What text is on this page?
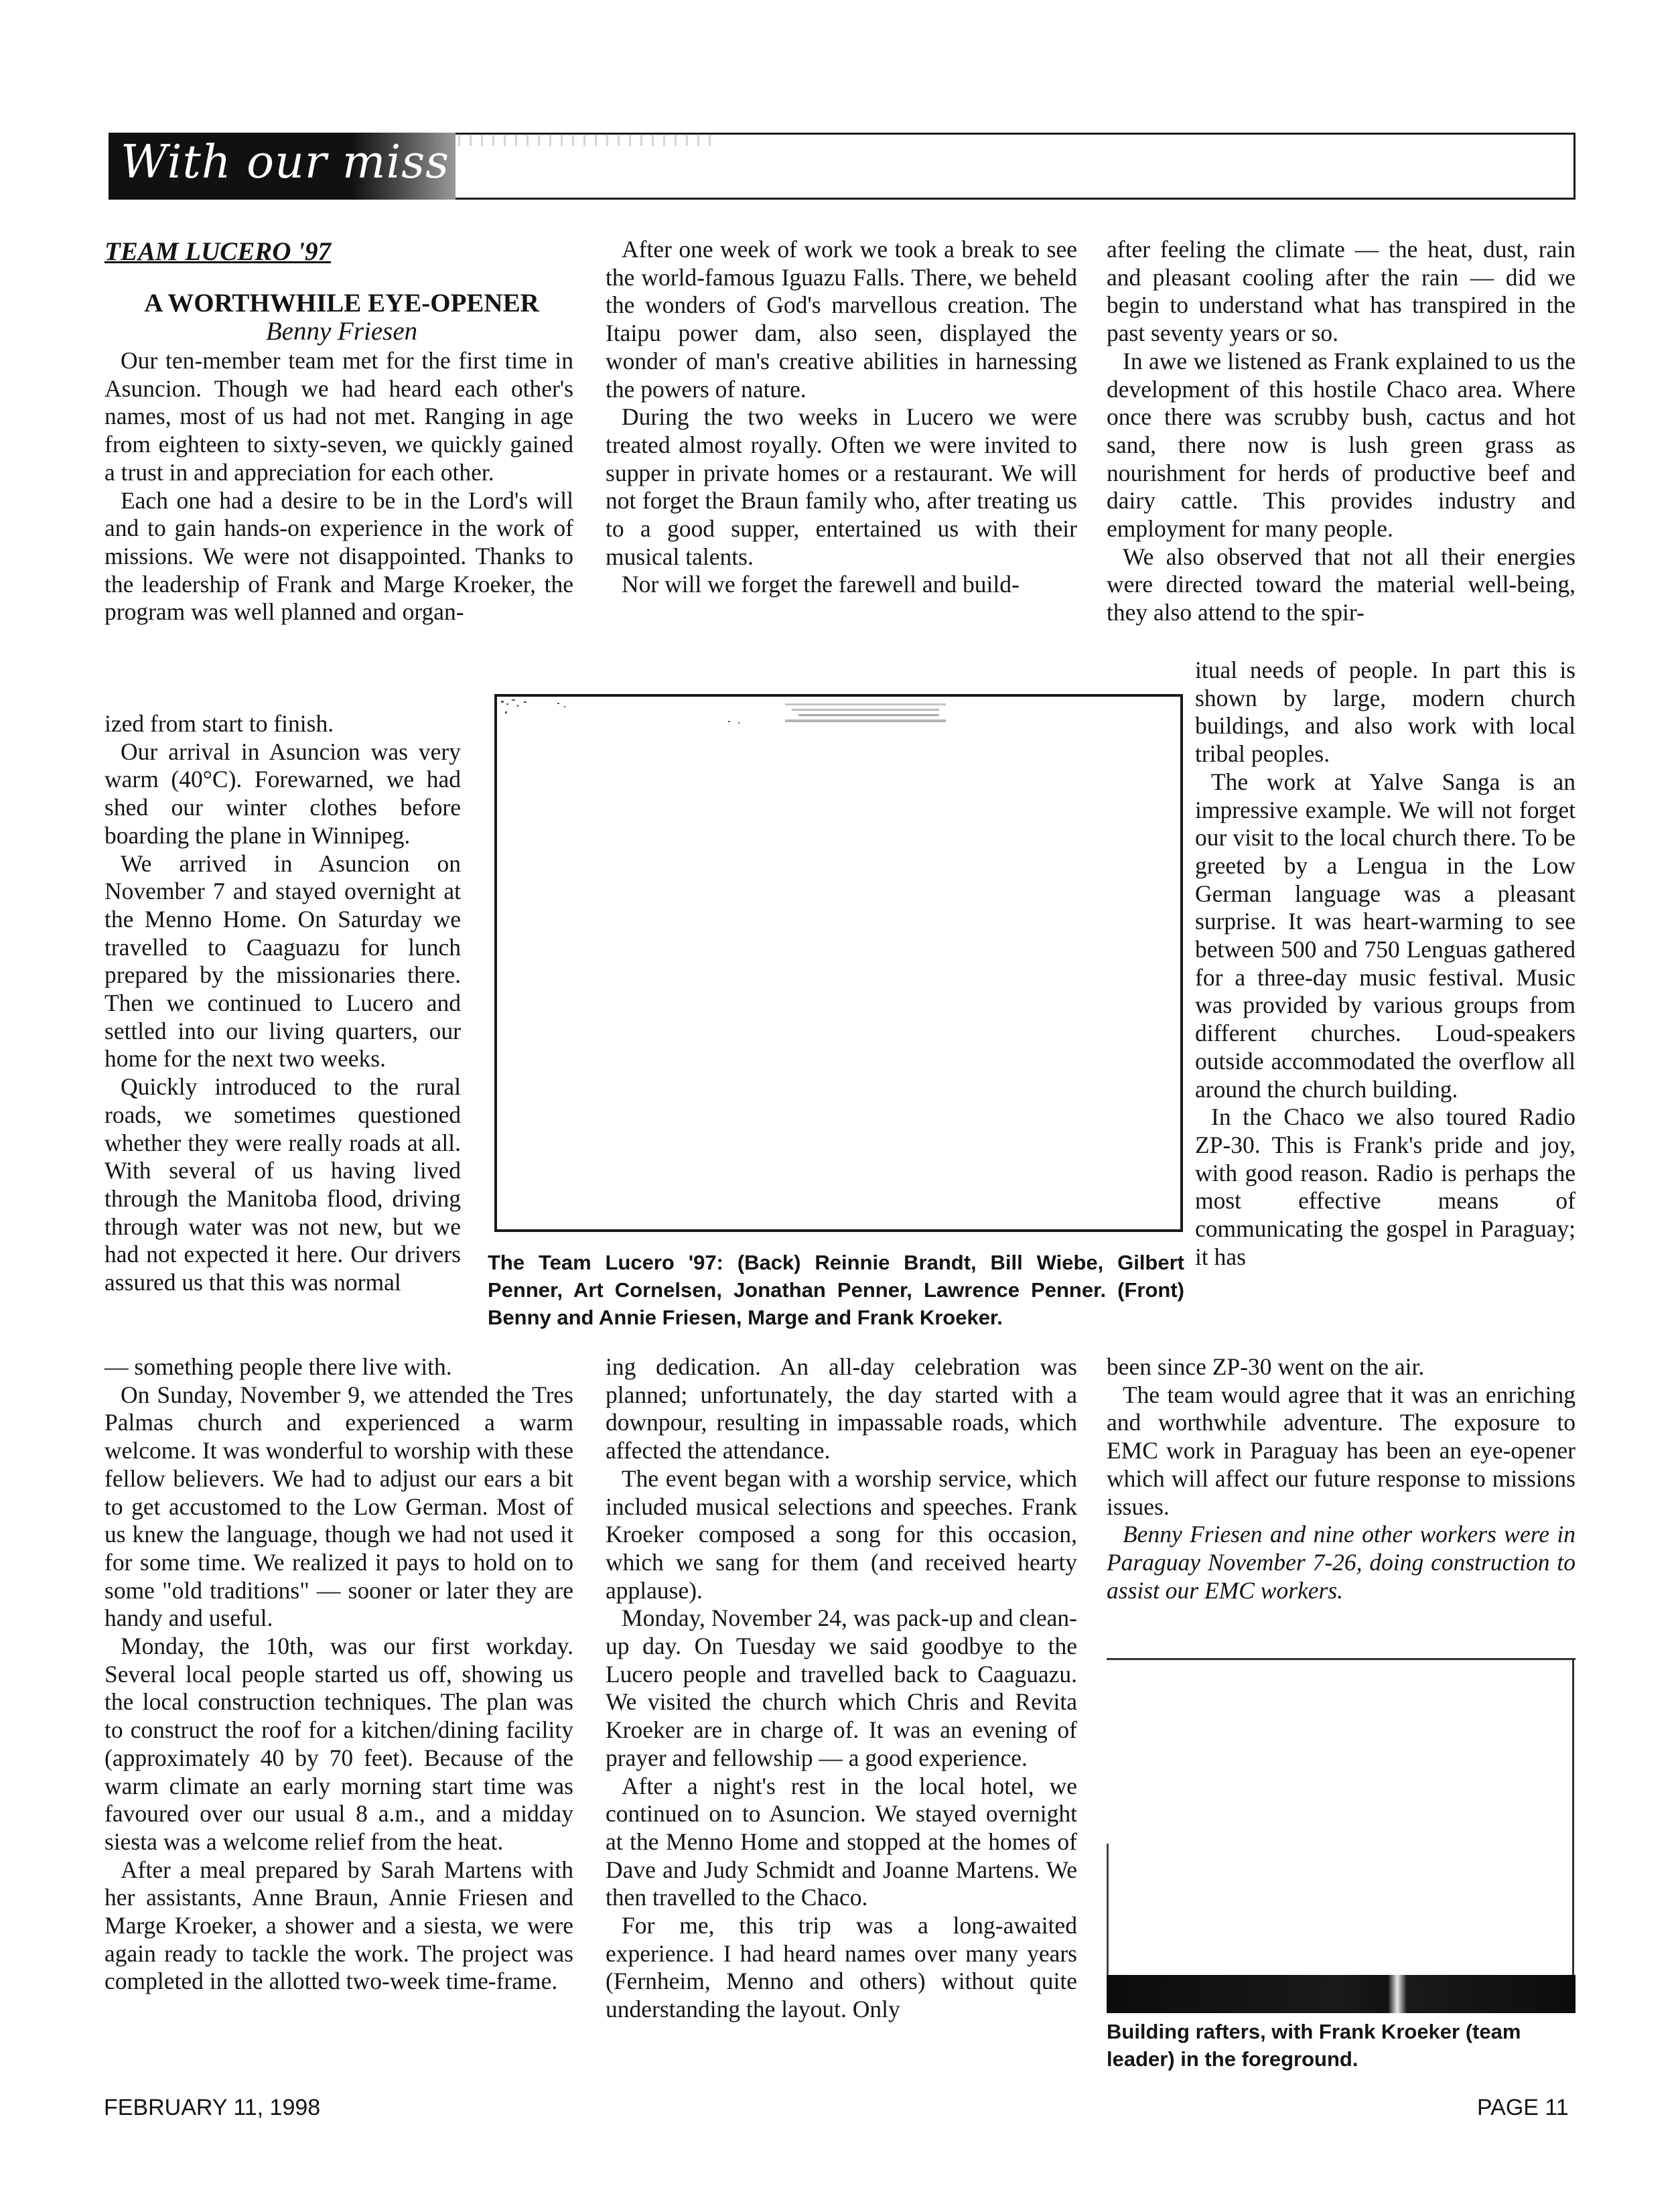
With our miss
TEAM LUCERO '97
A WORTHWHILE EYE-OPENER
Benny Friesen

Our ten-member team met for the first time in Asuncion. Though we had heard each other's names, most of us had not met. Ranging in age from eighteen to sixty-seven, we quickly gained a trust in and appreciation for each other.

Each one had a desire to be in the Lord's will and to gain hands-on experience in the work of missions. We were not disappointed. Thanks to the leadership of Frank and Marge Kroeker, the program was well planned and organ-

ized from start to finish.

Our arrival in Asuncion was very warm (40°C). Forewarned, we had shed our winter clothes before boarding the plane in Winnipeg.

We arrived in Asuncion on November 7 and stayed overnight at the Menno Home. On Saturday we travelled to Caaguazu for lunch prepared by the missionaries there. Then we continued to Lucero and settled into our living quarters, our home for the next two weeks.

Quickly introduced to the rural roads, we sometimes questioned whether they were really roads at all. With several of us having lived through the Manitoba flood, driving through water was not new, but we had not expected it here. Our drivers assured us that this was normal

— something people there live with.

On Sunday, November 9, we attended the Tres Palmas church and experienced a warm welcome. It was wonderful to worship with these fellow believers. We had to adjust our ears a bit to get accustomed to the Low German. Most of us knew the language, though we had not used it for some time. We realized it pays to hold on to some "old traditions" — sooner or later they are handy and useful.

Monday, the 10th, was our first workday. Several local people started us off, showing us the local construction techniques. The plan was to construct the roof for a kitchen/dining facility (approximately 40 by 70 feet). Because of the warm climate an early morning start time was favoured over our usual 8 a.m., and a midday siesta was a welcome relief from the heat.

After a meal prepared by Sarah Martens with her assistants, Anne Braun, Annie Friesen and Marge Kroeker, a shower and a siesta, we were again ready to tackle the work. The project was completed in the allotted two-week time-frame.

After one week of work we took a break to see the world-famous Iguazu Falls. There, we beheld the wonders of God's marvellous creation. The Itaipu power dam, also seen, displayed the wonder of man's creative abilities in harnessing the powers of nature.

During the two weeks in Lucero we were treated almost royally. Often we were invited to supper in private homes or a restaurant. We will not forget the Braun family who, after treating us to a good supper, entertained us with their musical talents.

Nor will we forget the farewell and build-

ing dedication. An all-day celebration was planned; unfortunately, the day started with a downpour, resulting in impassable roads, which affected the attendance.

The event began with a worship service, which included musical selections and speeches. Frank Kroeker composed a song for this occasion, which we sang for them (and received hearty applause).

Monday, November 24, was pack-up and clean-up day. On Tuesday we said goodbye to the Lucero people and travelled back to Caaguazu. We visited the church which Chris and Revita Kroeker are in charge of. It was an evening of prayer and fellowship — a good experience.

After a night's rest in the local hotel, we continued on to Asuncion. We stayed overnight at the Menno Home and stopped at the homes of Dave and Judy Schmidt and Joanne Martens. We then travelled to the Chaco.

For me, this trip was a long-awaited experience. I had heard names over many years (Fernheim, Menno and others) without quite understanding the layout. Only

after feeling the climate — the heat, dust, rain and pleasant cooling after the rain — did we begin to understand what has transpired in the past seventy years or so.

In awe we listened as Frank explained to us the development of this hostile Chaco area. Where once there was scrubby bush, cactus and hot sand, there now is lush green grass as nourishment for herds of productive beef and dairy cattle. This provides industry and employment for many people.

We also observed that not all their energies were directed toward the material well-being, they also attend to the spir-

itual needs of people. In part this is shown by large, modern church buildings, and also work with local tribal peoples.

The work at Yalve Sanga is an impressive example. We will not forget our visit to the local church there. To be greeted by a Lengua in the Low German language was a pleasant surprise. It was heart-warming to see between 500 and 750 Lenguas gathered for a three-day music festival. Music was provided by various groups from different churches. Loud-speakers outside accommodated the overflow all around the church building.

In the Chaco we also toured Radio ZP-30. This is Frank's pride and joy, with good reason. Radio is perhaps the most effective means of communicating the gospel in Paraguay; it has

been since ZP-30 went on the air.

The team would agree that it was an enriching and worthwhile adventure. The exposure to EMC work in Paraguay has been an eye-opener which will affect our future response to missions issues.

Benny Friesen and nine other workers were in Paraguay November 7-26, doing construction to assist our EMC workers.

The Team Lucero '97: (Back) Reinnie Brandt, Bill Wiebe, Gilbert Penner, Art Cornelsen, Jonathan Penner, Lawrence Penner. (Front) Benny and Annie Friesen, Marge and Frank Kroeker.
Building rafters, with Frank Kroeker (team leader) in the foreground.
FEBRUARY 11, 1998	PAGE 11
